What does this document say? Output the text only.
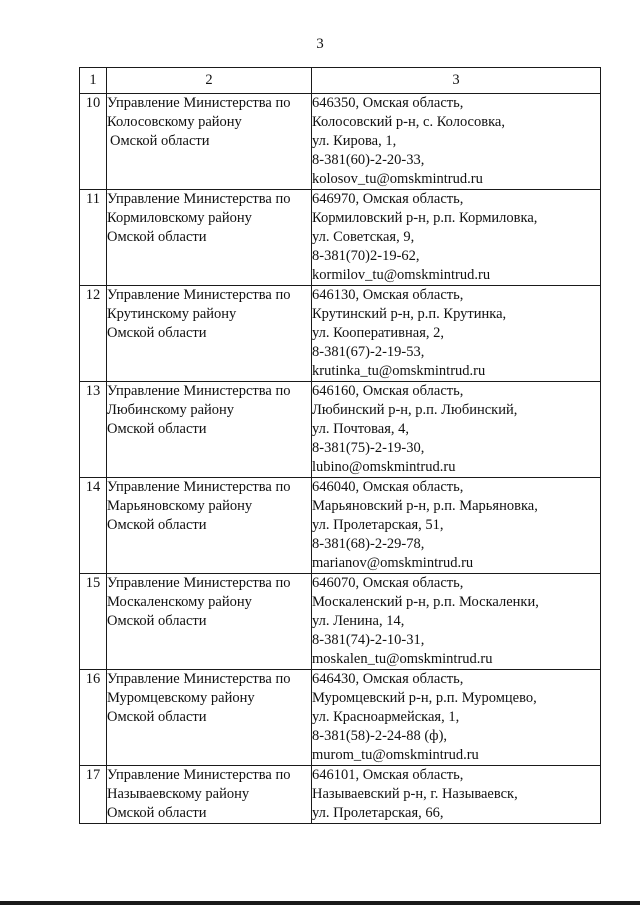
3
1	2	3
10	Управление Министерства по
Колосовскому району
Омской области	646350, Омская область,
Колосовский р-н, с. Колосовка,
ул. Кирова, 1,
8-381(60)-2-20-33,
kolosov_tu@omskmintrud.ru

11	Управление Министерства по
Кормиловскому району
Омской области	646970, Омская область,
Кормиловский р-н, р.п. Кормиловка,
ул. Советская, 9,
8-381(70)2-19-62,
kormilov_tu@omskmintrud.ru

12	Управление Министерства по
Крутинскому району
Омской области	646130, Омская область,
Крутинский р-н, р.п. Крутинка,
ул. Кооперативная, 2,
8-381(67)-2-19-53,
krutinka_tu@omskmintrud.ru

13	Управление Министерства по
Любинскому району
Омской области	646160, Омская область,
Любинский р-н, р.п. Любинский,
ул. Почтовая, 4,
8-381(75)-2-19-30,
lubino@omskmintrud.ru

14	Управление Министерства по
Марьяновскому району
Омской области	646040, Омская область,
Марьяновский р-н, р.п. Марьяновка,
ул. Пролетарская, 51,
8-381(68)-2-29-78,
marianov@omskmintrud.ru

15	Управление Министерства по
Москаленскому району
Омской области	646070, Омская область,
Москаленский р-н, р.п. Москаленки,
ул. Ленина, 14,
8-381(74)-2-10-31,
moskalen_tu@omskmintrud.ru

16	Управление Министерства по
Муромцевскому району
Омской области	646430, Омская область,
Муромцевский р-н, р.п. Муромцево,
ул. Красноармейская, 1,
8-381(58)-2-24-88 (ф),
murom_tu@omskmintrud.ru

17	Управление Министерства по
Называевскому району
Омской области	646101, Омская область,
Называевский р-н, г. Называевск,
ул. Пролетарская, 66,
